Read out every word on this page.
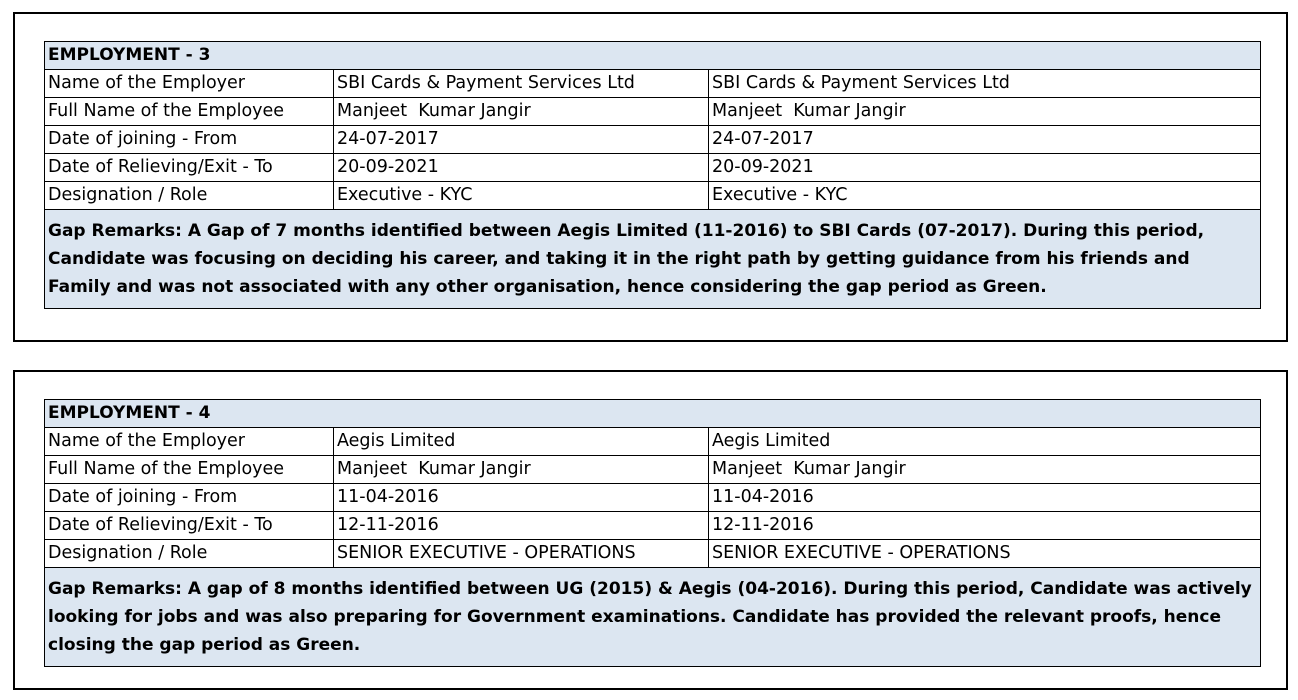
EMPLOYMENT - 3		
Name of the Employer	SBI Cards & Payment Services Ltd	SBI Cards & Payment Services Ltd
Full Name of the Employee	Manjeet  Kumar Jangir	Manjeet  Kumar Jangir
Date of joining - From	24-07-2017	24-07-2017
Date of Relieving/Exit - To	20-09-2021	20-09-2021
Designation / Role	Executive - KYC	Executive - KYC
Gap Remarks: A Gap of 7 months identified between Aegis Limited (11-2016) to SBI Cards (07-2017). During this period, Candidate was focusing on deciding his career, and taking it in the right path by getting guidance from his friends and Family and was not associated with any other organisation, hence considering the gap period as Green.		
EMPLOYMENT - 4		
Name of the Employer	Aegis Limited	Aegis Limited
Full Name of the Employee	Manjeet  Kumar Jangir	Manjeet  Kumar Jangir
Date of joining - From	11-04-2016	11-04-2016
Date of Relieving/Exit - To	12-11-2016	12-11-2016
Designation / Role	SENIOR EXECUTIVE - OPERATIONS	SENIOR EXECUTIVE - OPERATIONS
Gap Remarks: A gap of 8 months identified between UG (2015) & Aegis (04-2016). During this period, Candidate was actively looking for jobs and was also preparing for Government examinations. Candidate has provided the relevant proofs, hence closing the gap period as Green.		
